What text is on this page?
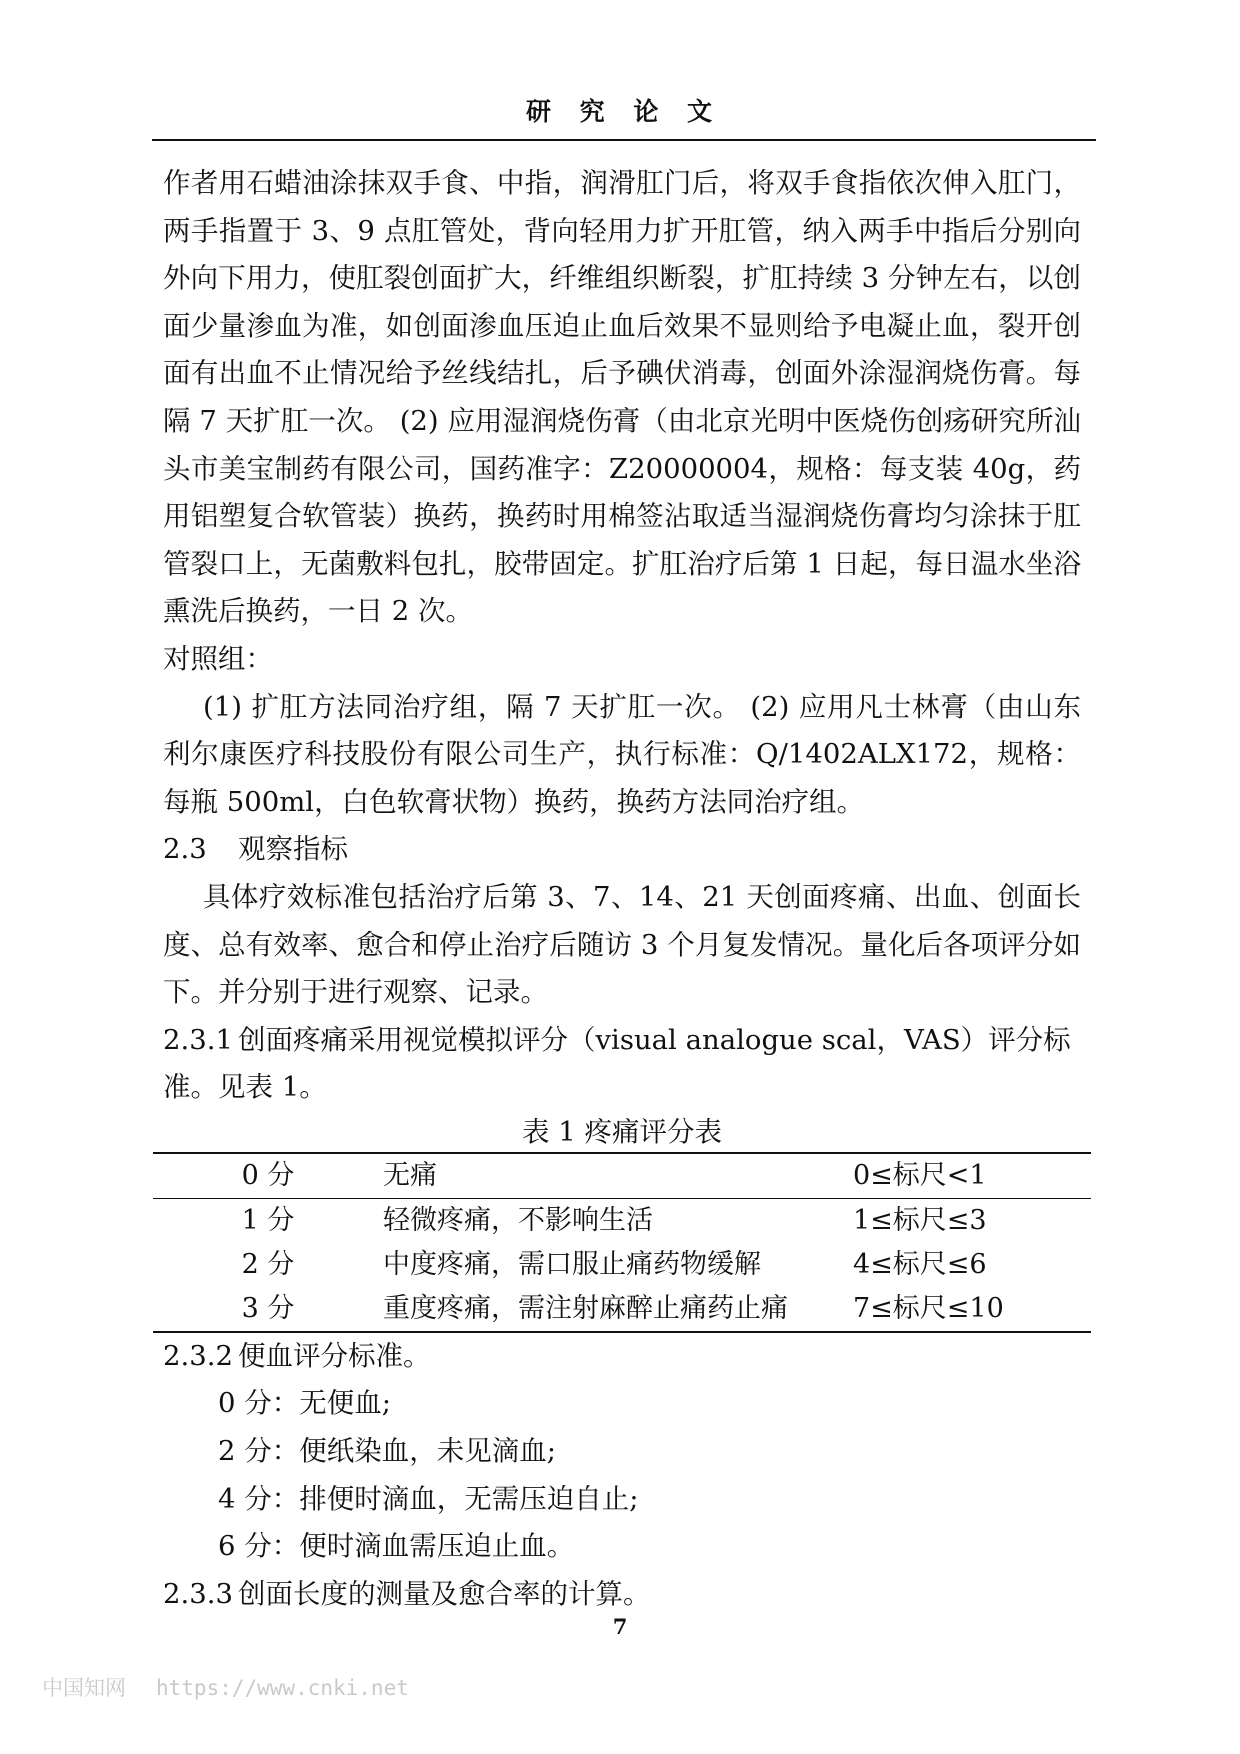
研 究 论 文

作者用石蜡油涂抹双手食、中指，润滑肛门后，将双手食指依次伸入肛门，两手指置于 3、9 点肛管处，背向轻用力扩开肛管，纳入两手中指后分别向外向下用力，使肛裂创面扩大，纤维组织断裂，扩肛持续 3 分钟左右，以创面少量渗血为准，如创面渗血压迫止血后效果不显则给予电凝止血，裂开创面有出血不止情况给予丝线结扎，后予碘伏消毒，创面外涂湿润烧伤膏。每隔 7 天扩肛一次。 (2) 应用湿润烧伤膏（由北京光明中医烧伤创疡研究所汕头市美宝制药有限公司，国药准字：Z20000004，规格：每支装 40g，药用铝塑复合软管装）换药，换药时用棉签沾取适当湿润烧伤膏均匀涂抹于肛管裂口上，无菌敷料包扎，胶带固定。扩肛治疗后第 1 日起，每日温水坐浴熏洗后换药，一日 2 次。

对照组：

(1) 扩肛方法同治疗组，隔 7 天扩肛一次。 (2) 应用凡士林膏（由山东利尔康医疗科技股份有限公司生产，执行标准：Q/1402ALX172，规格：每瓶 500ml，白色软膏状物）换药，换药方法同治疗组。

2.3 观察指标

具体疗效标准包括治疗后第 3、7、14、21 天创面疼痛、出血、创面长度、总有效率、愈合和停止治疗后随访 3 个月复发情况。量化后各项评分如下。并分别于进行观察、记录。

2.3.1 创面疼痛采用视觉模拟评分（visual analogue scal，VAS）评分标准。见表 1。

表 1 疼痛评分表

0 分	无痛	0≤标尺<1
1 分	轻微疼痛，不影响生活	1≤标尺≤3
2 分	中度疼痛，需口服止痛药物缓解	4≤标尺≤6
3 分	重度疼痛，需注射麻醉止痛药止痛	7≤标尺≤10

2.3.2 便血评分标准。

0 分：无便血;
2 分：便纸染血，未见滴血;
4 分：排便时滴血，无需压迫自止;
6 分：便时滴血需压迫止血。

2.3.3 创面长度的测量及愈合率的计算。

7
中国知网 https://www.cnki.net
